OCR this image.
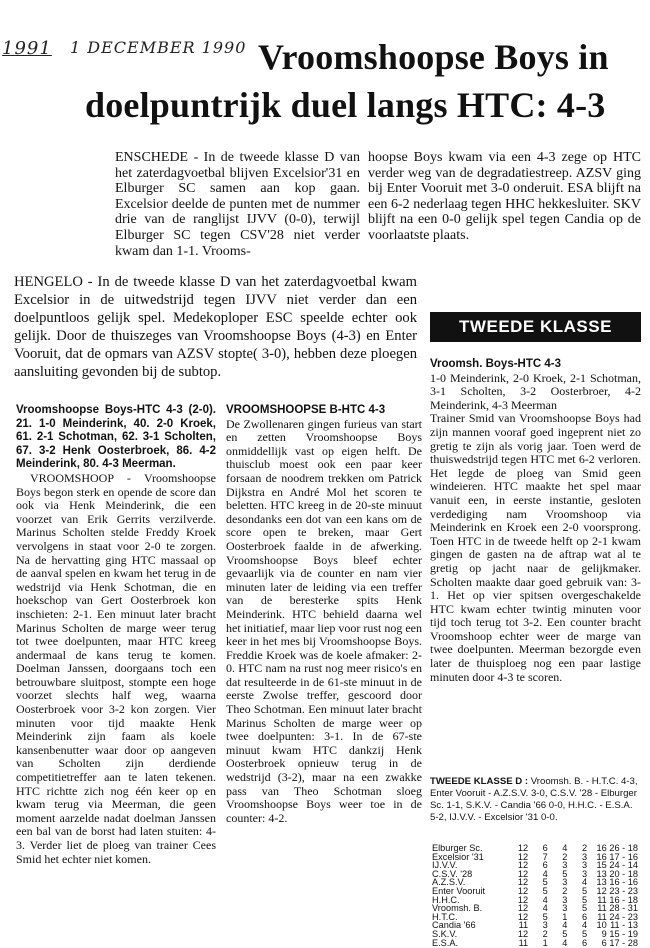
1991 1 DECEMBER 1990 Vroomshoopse Boys in
doelpuntrijk duel langs HTC: 4-3
ENSCHEDE - In de tweede klasse D van het zaterdagvoetbal blijven Excelsior'31 en Elburger SC samen aan kop gaan. Excelsior deelde de punten met de nummer drie van de ranglijst IJVV (0-0), terwijl Elburger SC tegen CSV'28 niet verder kwam dan 1-1. Vrooms-
hoopse Boys kwam via een 4-3 zege op HTC verder weg van de degradatiestreep. AZSV ging bij Enter Vooruit met 3-0 onderuit. ESA blijft na een 6-2 nederlaag tegen HHC hekkesluiter. SKV blijft na een 0-0 gelijk spel tegen Candia op de voorlaatste plaats.
HENGELO - In de tweede klasse D van het zaterdagvoetbal kwam Excelsior in de uitwedstrijd tegen IJVV niet verder dan een doelpuntloos gelijk spel. Medekoploper ESC speelde echter ook gelijk. Door de thuiszeges van Vroomshoopse Boys (4-3) en Enter Vooruit, dat de opmars van AZSV stopte( 3-0), hebben deze ploegen aansluiting gevonden bij de subtop.
Vroomshoopse Boys-HTC 4-3 (2-0). 21. 1-0 Meinderink, 40. 2-0 Kroek, 61. 2-1 Schotman, 62. 3-1 Scholten, 67. 3-2 Henk Oosterbroek, 86. 4-2 Meinderink, 80. 4-3 Meerman.
VROOMSHOOP - Vroomshoopse Boys begon sterk en opende de score dan ook via Henk Meinderink, die een voorzet van Erik Gerrits verzilverde. Marinus Scholten stelde Freddy Kroek vervolgens in staat voor 2-0 te zorgen. Na de hervatting ging HTC massaal op de aanval spelen en kwam het terug in de wedstrijd via Henk Schotman, die en hoekschop van Gert Oosterbroek kon inschieten: 2-1. Een minuut later bracht Marinus Scholten de marge weer terug tot twee doelpunten, maar HTC kreeg andermaal de kans terug te komen. Doelman Janssen, doorgaans toch een betrouwbare sluitpost, stompte een hoge voorzet slechts half weg, waarna Oosterbroek voor 3-2 kon zorgen. Vier minuten voor tijd maakte Henk Meinderink zijn faam als koele kansenbenutter waar door op aangeven van Scholten zijn derdiende competitietreffer aan te laten tekenen. HTC richtte zich nog één keer op en kwam terug via Meerman, die geen moment aarzelde nadat doelman Janssen een bal van de borst had laten stuiten: 4-3. Verder liet de ploeg van trainer Cees Smid het echter niet komen.
VROOMSHOOPSE B-HTC 4-3
De Zwollenaren gingen furieus van start en zetten Vroomshoopse Boys onmiddellijk vast op eigen helft. De thuisclub moest ook een paar keer forsaan de noodrem trekken om Patrick Dijkstra en André Mol het scoren te beletten. HTC kreeg in de 20-ste minuut desondanks een dot van een kans om de score open te breken, maar Gert Oosterbroek faalde in de afwerking. Vroomshoopse Boys bleef echter gevaarlijk via de counter en nam vier minuten later de leiding via een treffer van de beresterke spits Henk Meinderink. HTC behield daarna wel het initiatief, maar liep voor rust nog een keer in het mes bij Vroomshoopse Boys. Freddie Kroek was de koele afmaker: 2-0. HTC nam na rust nog meer risico's en dat resulteerde in de 61-ste minuut in de eerste Zwolse treffer, gescoord door Theo Schotman. Een minuut later bracht Marinus Scholten de marge weer op twee doelpunten: 3-1. In de 67-ste minuut kwam HTC dankzij Henk Oosterbroek opnieuw terug in de wedstrijd (3-2), maar na een zwakke pass van Theo Schotman sloeg Vroomshoopse Boys weer toe in de counter: 4-2.
TWEEDE KLASSE
Vroomsh. Boys-HTC 4-3
1-0 Meinderink, 2-0 Kroek, 2-1 Schotman, 3-1 Scholten, 3-2 Oosterbroer, 4-2 Meinderink, 4-3 Meerman
Trainer Smid van Vroomshoopse Boys had zijn mannen vooraf goed ingeprent niet zo gretig te zijn als vorig jaar. Toen werd de thuiswedstrijd tegen HTC met 6-2 verloren. Het legde de ploeg van Smid geen windeieren. HTC maakte het spel maar vanuit een, in eerste instantie, gesloten verdediging nam Vroomshoop via Meinderink en Kroek een 2-0 voorsprong. Toen HTC in de tweede helft op 2-1 kwam gingen de gasten na de aftrap wat al te gretig op jacht naar de gelijkmaker. Scholten maakte daar goed gebruik van: 3-1. Het op vier spitsen overgeschakelde HTC kwam echter twintig minuten voor tijd toch terug tot 3-2. Een counter bracht Vroomshoop echter weer de marge van twee doelpunten. Meerman bezorgde even later de thuisploeg nog een paar lastige minuten door 4-3 te scoren.
TWEEDE KLASSE D : Vroomsh. B. - H.T.C. 4-3, Enter Vooruit - A.Z.S.V. 3-0, C.S.V. '28 - Elburger Sc. 1-1, S.K.V. - Candia '66 0-0, H.H.C. - E.S.A. 5-2, IJ.V.V. - Excelsior '31 0-0.
Elburger Sc.	12	6	4	2	16	26 - 18
Excelsior '31	12	7	2	3	16	17 - 16
IJ.V.V.	12	6	3	3	15	24 - 14
C.S.V. '28	12	4	5	3	13	20 - 18
A.Z.S.V.	12	5	3	4	13	16 - 16
Enter Vooruit	12	5	2	5	12	23 - 23
H.H.C.	12	4	3	5	11	16 - 18
Vroomsh. B.	12	4	3	5	11	28 - 31
H.T.C.	12	5	1	6	11	24 - 23
Candia '66	11	3	4	4	10	11 - 13
S.K.V.	12	2	5	5	9	15 - 19
E.S.A.	11	1	4	6	6	17 - 28
